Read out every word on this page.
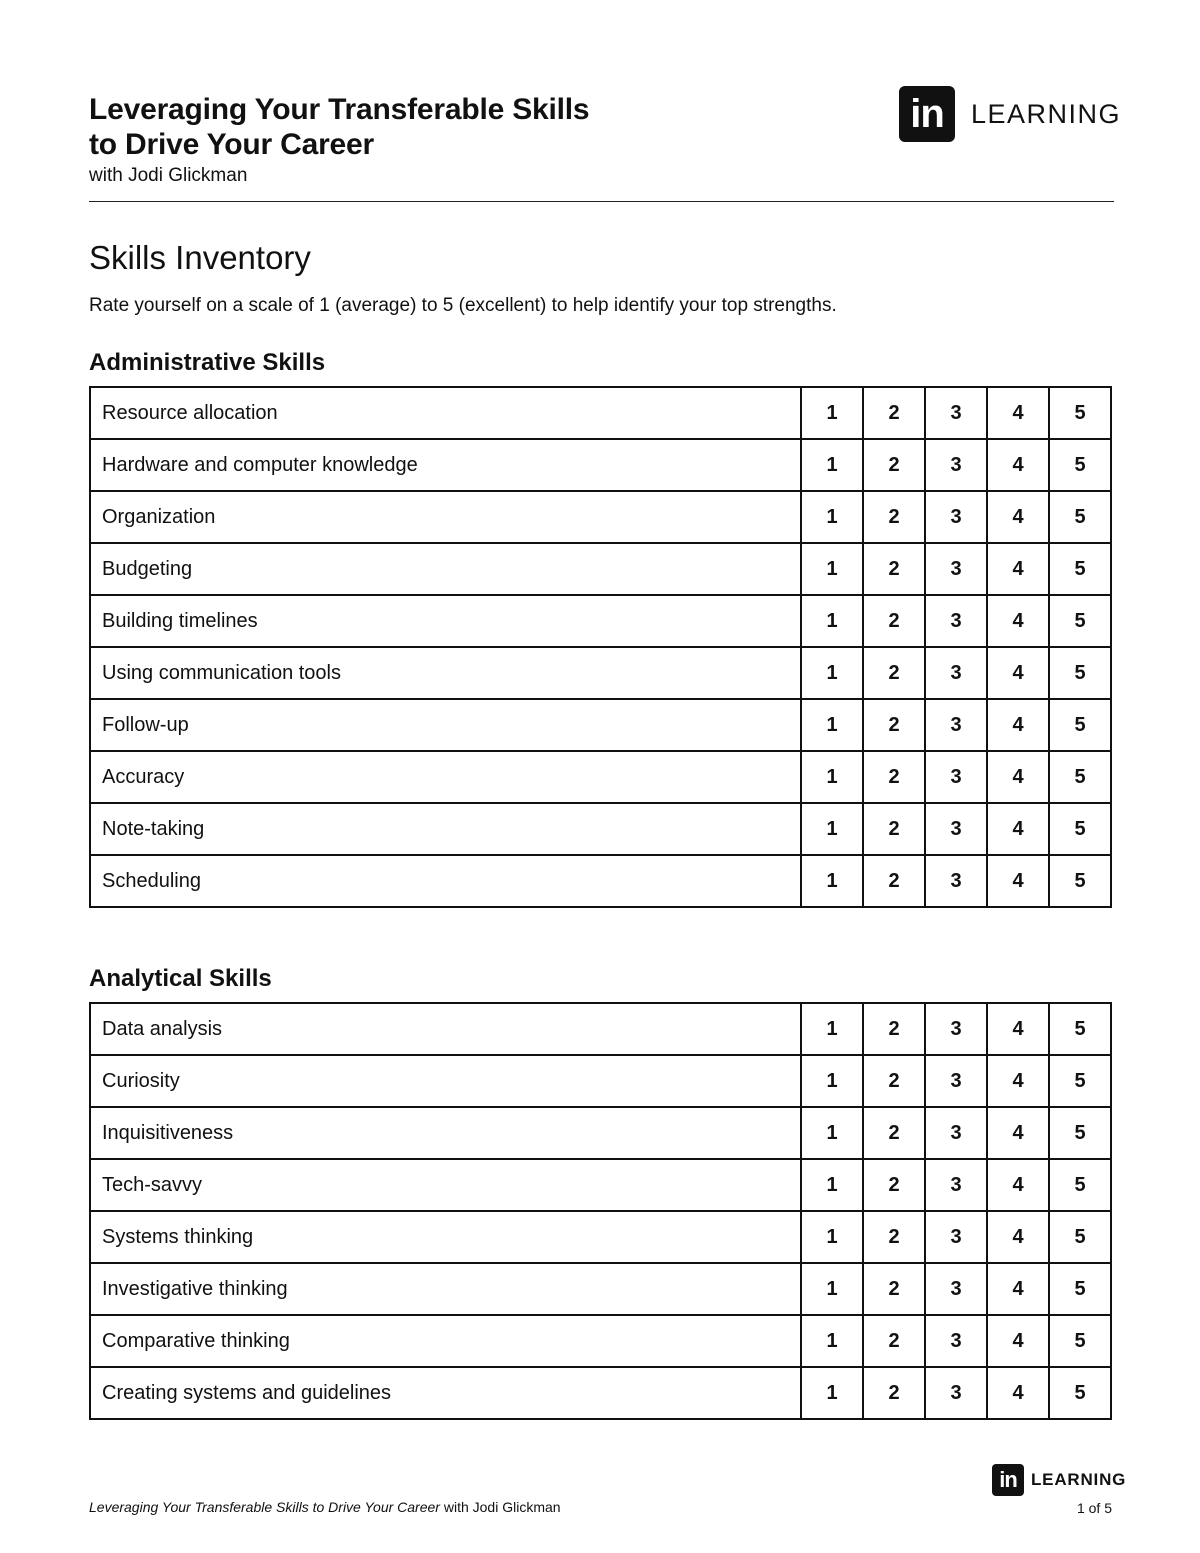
Leveraging Your Transferable Skills
to Drive Your Career
with Jodi Glickman
in	LEARNING
Skills Inventory
Rate yourself on a scale of 1 (average) to 5 (excellent) to help identify your top strengths.
Administrative Skills
Resource allocation	1	2	3	4	5
Hardware and computer knowledge	1	2	3	4	5
Organization	1	2	3	4	5
Budgeting	1	2	3	4	5
Building timelines	1	2	3	4	5
Using communication tools	1	2	3	4	5
Follow-up	1	2	3	4	5
Accuracy	1	2	3	4	5
Note-taking	1	2	3	4	5
Scheduling	1	2	3	4	5
Analytical Skills
Data analysis	1	2	3	4	5
Curiosity	1	2	3	4	5
Inquisitiveness	1	2	3	4	5
Tech-savvy	1	2	3	4	5
Systems thinking	1	2	3	4	5
Investigative thinking	1	2	3	4	5
Comparative thinking	1	2	3	4	5
Creating systems and guidelines	1	2	3	4	5
in LEARNING
Leveraging Your Transferable Skills to Drive Your Career with Jodi Glickman	1 of 5
